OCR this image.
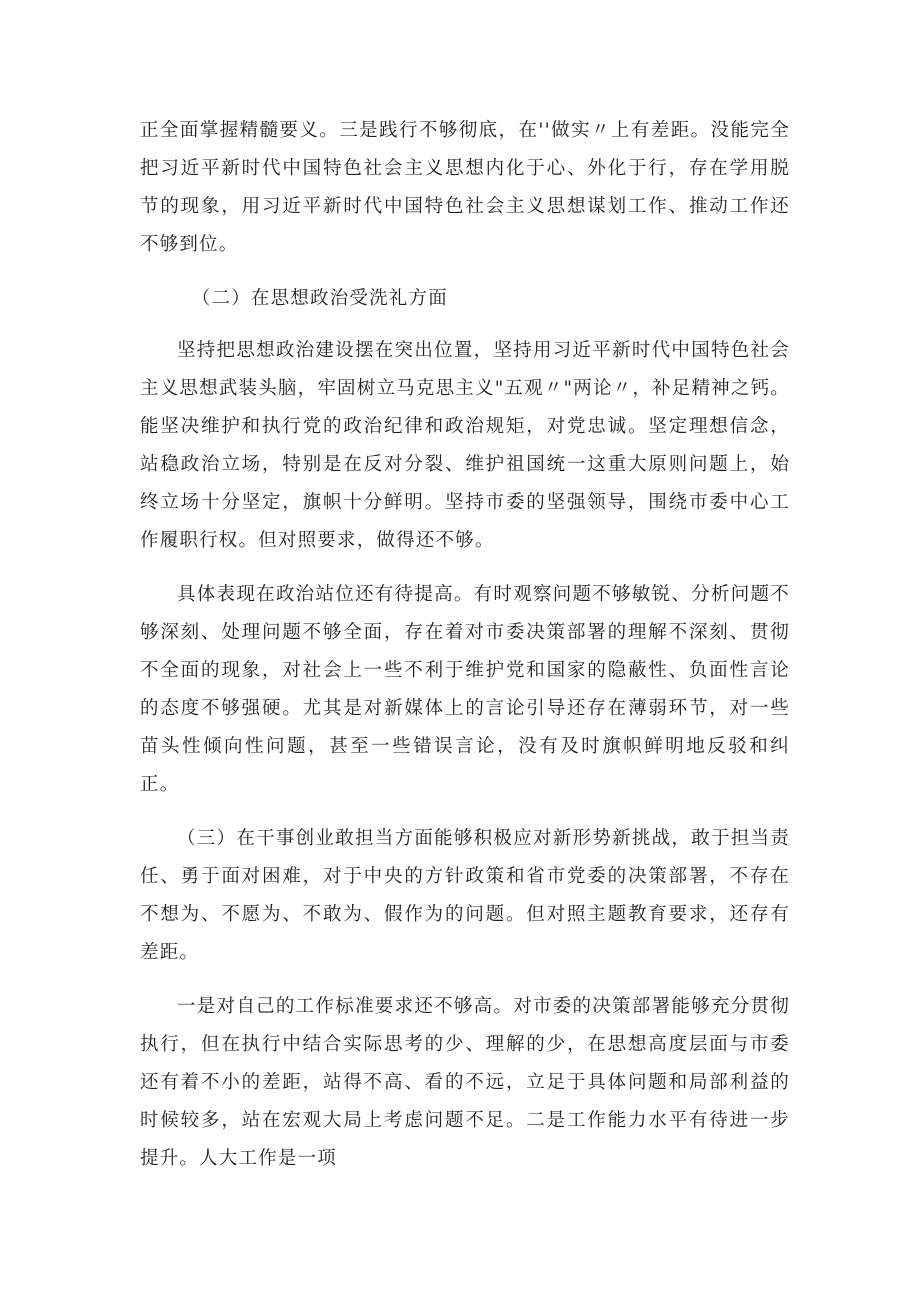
正全面掌握精髓要义。三是践行不够彻底，在''做实〃上有差距。没能完全把习近平新时代中国特色社会主义思想内化于心、外化于行，存在学用脱节的现象，用习近平新时代中国特色社会主义思想谋划工作、推动工作还不够到位。

（二）在思想政治受洗礼方面

坚持把思想政治建设摆在突出位置，坚持用习近平新时代中国特色社会主义思想武装头脑，牢固树立马克思主义"五观〃"两论〃，补足精神之钙。能坚决维护和执行党的政治纪律和政治规矩，对党忠诚。坚定理想信念，站稳政治立场，特别是在反对分裂、维护祖国统一这重大原则问题上，始终立场十分坚定，旗帜十分鲜明。坚持市委的坚强领导，围绕市委中心工作履职行权。但对照要求，做得还不够。

具体表现在政治站位还有待提高。有时观察问题不够敏锐、分析问题不够深刻、处理问题不够全面，存在着对市委决策部署的理解不深刻、贯彻不全面的现象，对社会上一些不利于维护党和国家的隐蔽性、负面性言论的态度不够强硬。尤其是对新媒体上的言论引导还存在薄弱环节，对一些苗头性倾向性问题，甚至一些错误言论，没有及时旗帜鲜明地反驳和纠正。

（三）在干事创业敢担当方面能够积极应对新形势新挑战，敢于担当责任、勇于面对困难，对于中央的方针政策和省市党委的决策部署，不存在不想为、不愿为、不敢为、假作为的问题。但对照主题教育要求，还存有差距。

一是对自己的工作标准要求还不够高。对市委的决策部署能够充分贯彻执行，但在执行中结合实际思考的少、理解的少，在思想高度层面与市委还有着不小的差距，站得不高、看的不远，立足于具体问题和局部利益的时候较多，站在宏观大局上考虑问题不足。二是工作能力水平有待进一步提升。人大工作是一项
